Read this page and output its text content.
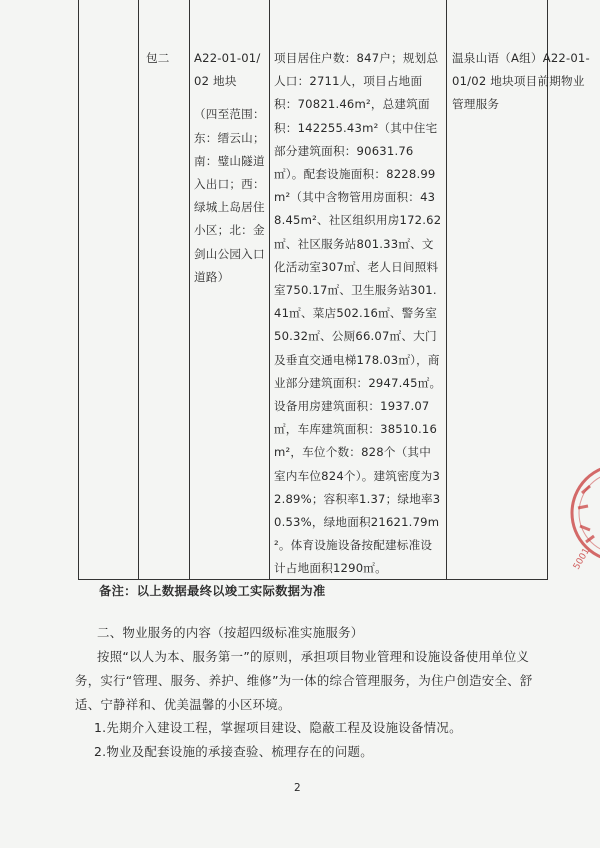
包二	A22-01-01/02 地块
（四至范围：东：缙云山；南：璧山隧道入出口；西：绿城上岛居住小区；北：金剑山公园入口道路）
项目居住户数：847户；规划总人口：2711人，项目占地面积：70821.46m²，总建筑面积：142255.43m²（其中住宅部分建筑面积：90631.76㎡）。配套设施面积：8228.99m²（其中含物管用房面积：438.45m²、社区组织用房172.62㎡、社区服务站801.33㎡、文化活动室307㎡、老人日间照料室750.17㎡、卫生服务站301.41㎡、菜店502.16㎡、警务室50.32㎡、公厕66.07㎡、大门及垂直交通电梯178.03㎡），商业部分建筑面积：2947.45㎡。设备用房建筑面积：1937.07㎡，车库建筑面积：38510.16m²，车位个数：828个（其中室内车位824个）。建筑密度为32.89%；容积率1.37；绿地率30.53%，绿地面积21621.79m²。体育设施设备按配建标准设计占地面积1290㎡。
温泉山语（A组）A22-01-01/02 地块项目前期物业管理服务
备注：以上数据最终以竣工实际数据为准
二、物业服务的内容（按超四级标准实施服务）
按照“以人为本、服务第一”的原则，承担项目物业管理和设施设备使用单位义务，实行“管理、服务、养护、维修”为一体的综合管理服务，为住户创造安全、舒适、宁静祥和、优美温馨的小区环境。
1.先期介入建设工程，掌握项目建设、隐蔽工程及设施设备情况。
2.物业及配套设施的承接查验、梳理存在的问题。
2
5001
